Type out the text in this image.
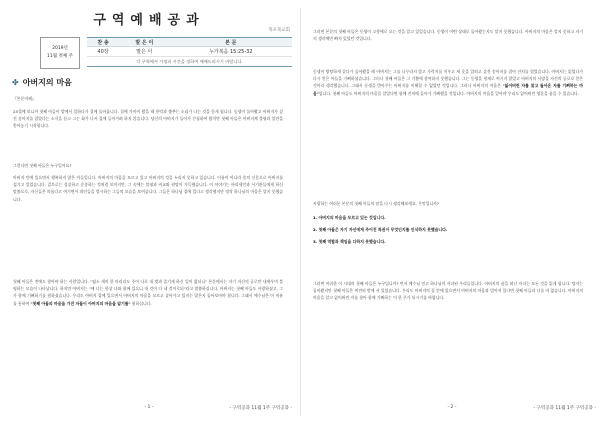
구역예배공과
목포북교회
2019년
11월 첫째 주
찬 송	말 은 이	본 문
40장	말은 이	누가복음 15:25-32
각 구역에서 가정과 시간을 정하여 예배드리시기 바랍니다.		
✤ 아버지의 마음

『본문이해』

25절에 보니까 첫째 아들이 밭에서 일하다가 집에 돌아옵니다. 집에 가까이 왔을 때 풍악과 춤추는 소리가 나는 것을 듣게 됩니다. 동생이 돌아왔고 아버지가 살진 송아지를 잡았다는 소식을 듣고 그는 화가 나서 집에 들어가려 하지 않습니다. 당신의 아버지가 들어가 간청하여 왔지만 첫째 아들은 아버지께 불평과 불만을 쏟아놓기 시작합니다.

그렇다면 첫째 아들은 누구일까요?

아버지 안에 있으면서 행복하지 않은 아들입니다. 아버지의 마음을 모르고 있고 아버지의 것을 누리지 못하고 있습니다. 이름이 아니라 종의 신분으로 아버지를 섬기고 있었습니다. 겉으로는 성실하고 순종하는 것처럼 보이지만, 그 속에는 불평과 비교와 원망이 가득했습니다. 이 이야기는 바리새인과 서기관들에게 하신 말씀으로, 자신들은 의롭다고 여기면서 죄인들을 멸시하는 그들의 모습을 보여줍니다. 그들은 하나님 곁에 있다고 생각했지만 정작 하나님의 마음은 알지 못했습니다.

첫째 아들은 전에도 찾아야 하는 사람입니다. "염소 새끼 한 마리라도 주어 나로 내 벗과 즐기게 하신 일이 없더니" 본문에서는 자기 자신의 공로만 내세우며 불평하는 모습이 나타납니다. 하지만 아버지는 "얘 너는 항상 나와 함께 있으니 내 것이 다 네 것이로되"라고 말씀하십니다. 아버지는 첫째 아들도 사랑하셨고, 그가 함께 기뻐하기를 원하셨습니다. 우리도 아버지 곁에 있으면서 아버지의 마음을 모르고 살아가고 있지는 않은지 돌아보아야 합니다. 그래서 예수님은 이 비유를 통하여 "첫째 아들의 마음을 가진 자들이 아버지의 마음을 알기를" 원하십니다.

- 1 -	- 구역공과 11월 1주 구역공과 -

그러면 본문의 첫째 아들은 동생이 고향에로 오는 것을 알고 있었습니다. 동생이 어떤 상태로 돌아왔는지도 알지 못했습니다. 아버지의 마음은 알지 못하고 자기의 생각에만 빠져 있었던 것입니다.

동생이 방탕하게 살다가 돌아왔을 때 아버지는 그를 나무라지 않고 가락지를 끼우고 새 옷을 입히고 살진 송아지를 잡아 잔치를 열었습니다. 아버지는 잃었다가 다시 얻은 아들을 기뻐하셨습니다. 그러나 첫째 아들은 그 기쁨에 참여하지 못했습니다. 그는 동생을 형제로 여기지 않았고 아버지의 사랑을 자신의 공로로 얻은 것이라 생각했습니다. 그래서 동생을 받아주는 아버지를 이해할 수 없었던 것입니다. 그러나 아버지의 마음은 "잃어버린 자를 찾고 돌아온 자를 기뻐하는 마음"입니다. 첫째 아들도 아버지의 마음을 알았다면 함께 잔치에 들어가 기뻐했을 것입니다. 아버지의 마음을 알아야 우리도 잃어버린 영혼을 품을 수 있습니다.

사랑하는 여러분 본문의 첫째 아들의 말을 다시 생각해보세요. 무엇입니까?

1. 아버지의 마음을 모르고 있는 것입니다.

2. 첫째 아들은 자기 자신에게 주어진 특권이 무엇인지를 인식하지 못했습니다.

3. 첫째 역할과 책임을 다하지 못했습니다.

그러면 이러한 이 시대의 첫째 아들은 누구입니까? 먼저 예수님 믿고 하나님의 자녀된 우리들입니다. 아버지의 품을 떠난 자녀는 모든 것을 잃게 됩니다. 탕자는 돌아왔지만 첫째 아들은 여전히 밖에 서 있었습니다. 우리도 아버지의 집 안에 있으면서 아버지의 마음과 멀어져 있다면 첫째 아들과 다를 바 없습니다. 아버지의 마음을 알고 잃어버린 자를 찾아 함께 기뻐하는 이 한 주가 되시기를 바랍니다.

- 2 -	- 구역공과 11월 1주 구역공과 -
